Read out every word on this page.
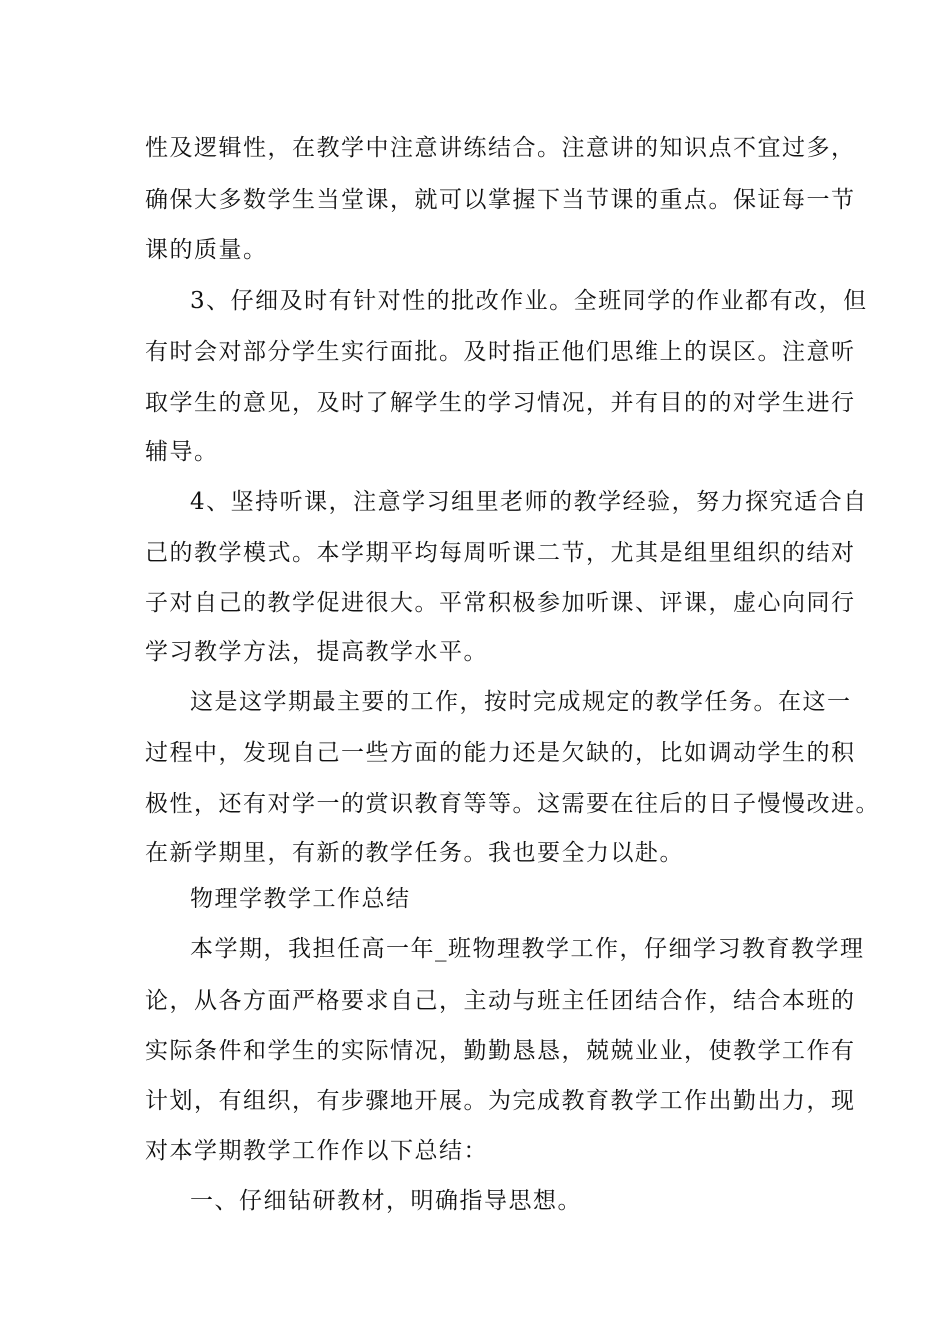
性及逻辑性，在教学中注意讲练结合。注意讲的知识点不宜过多，
确保大多数学生当堂课，就可以掌握下当节课的重点。保证每一节
课的质量。
3、仔细及时有针对性的批改作业。全班同学的作业都有改，但
有时会对部分学生实行面批。及时指正他们思维上的误区。注意听
取学生的意见，及时了解学生的学习情况，并有目的的对学生进行
辅导。
4、坚持听课，注意学习组里老师的教学经验，努力探究适合自
己的教学模式。本学期平均每周听课二节，尤其是组里组织的结对
子对自己的教学促进很大。平常积极参加听课、评课，虚心向同行
学习教学方法，提高教学水平。
这是这学期最主要的工作，按时完成规定的教学任务。在这一
过程中，发现自己一些方面的能力还是欠缺的，比如调动学生的积
极性，还有对学一的赏识教育等等。这需要在往后的日子慢慢改进。
在新学期里，有新的教学任务。我也要全力以赴。
物理学教学工作总结
本学期，我担任高一年_班物理教学工作，仔细学习教育教学理
论，从各方面严格要求自己，主动与班主任团结合作，结合本班的
实际条件和学生的实际情况，勤勤恳恳，兢兢业业，使教学工作有
计划，有组织，有步骤地开展。为完成教育教学工作出勤出力，现
对本学期教学工作作以下总结：
一、仔细钻研教材，明确指导思想。
